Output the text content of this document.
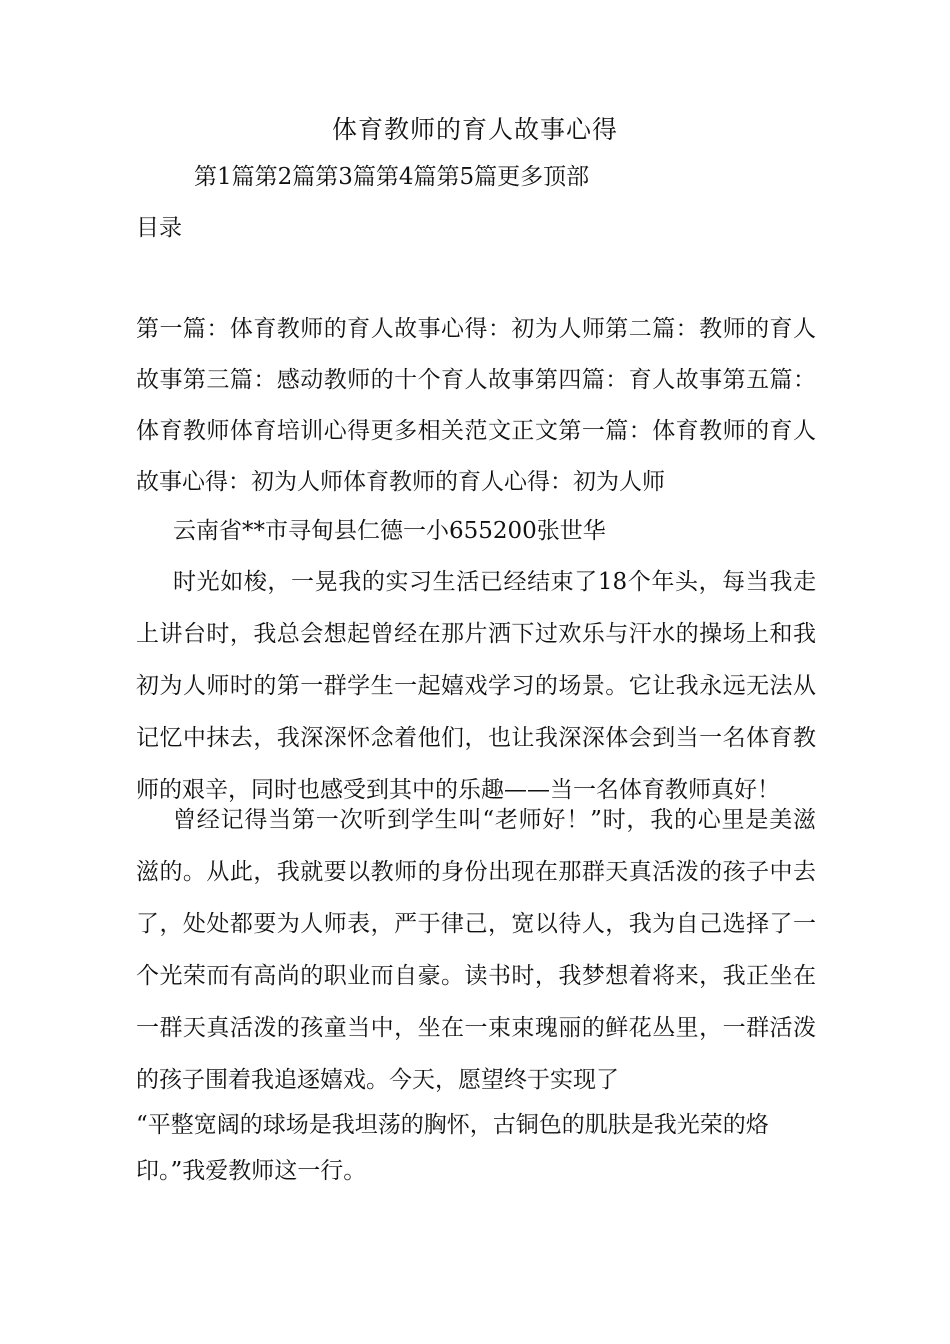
体育教师的育人故事心得
第1篇第2篇第3篇第4篇第5篇更多顶部
目录
第一篇：体育教师的育人故事心得：初为人师第二篇：教师的育人故事第三篇：感动教师的十个育人故事第四篇：育人故事第五篇：体育教师体育培训心得更多相关范文正文第一篇：体育教师的育人故事心得：初为人师体育教师的育人心得：初为人师
云南省**市寻甸县仁德一小655200张世华
时光如梭，一晃我的实习生活已经结束了18个年头，每当我走上讲台时，我总会想起曾经在那片洒下过欢乐与汗水的操场上和我初为人师时的第一群学生一起嬉戏学习的场景。它让我永远无法从记忆中抹去，我深深怀念着他们，也让我深深体会到当一名体育教师的艰辛，同时也感受到其中的乐趣——当一名体育教师真好！
曾经记得当第一次听到学生叫“老师好！”时，我的心里是美滋滋的。从此，我就要以教师的身份出现在那群天真活泼的孩子中去了，处处都要为人师表，严于律己，宽以待人，我为自己选择了一个光荣而有高尚的职业而自豪。读书时，我梦想着将来，我正坐在一群天真活泼的孩童当中，坐在一束束瑰丽的鲜花丛里，一群活泼的孩子围着我追逐嬉戏。今天，愿望终于实现了
“平整宽阔的球场是我坦荡的胸怀，古铜色的肌肤是我光荣的烙印。”我爱教师这一行。
